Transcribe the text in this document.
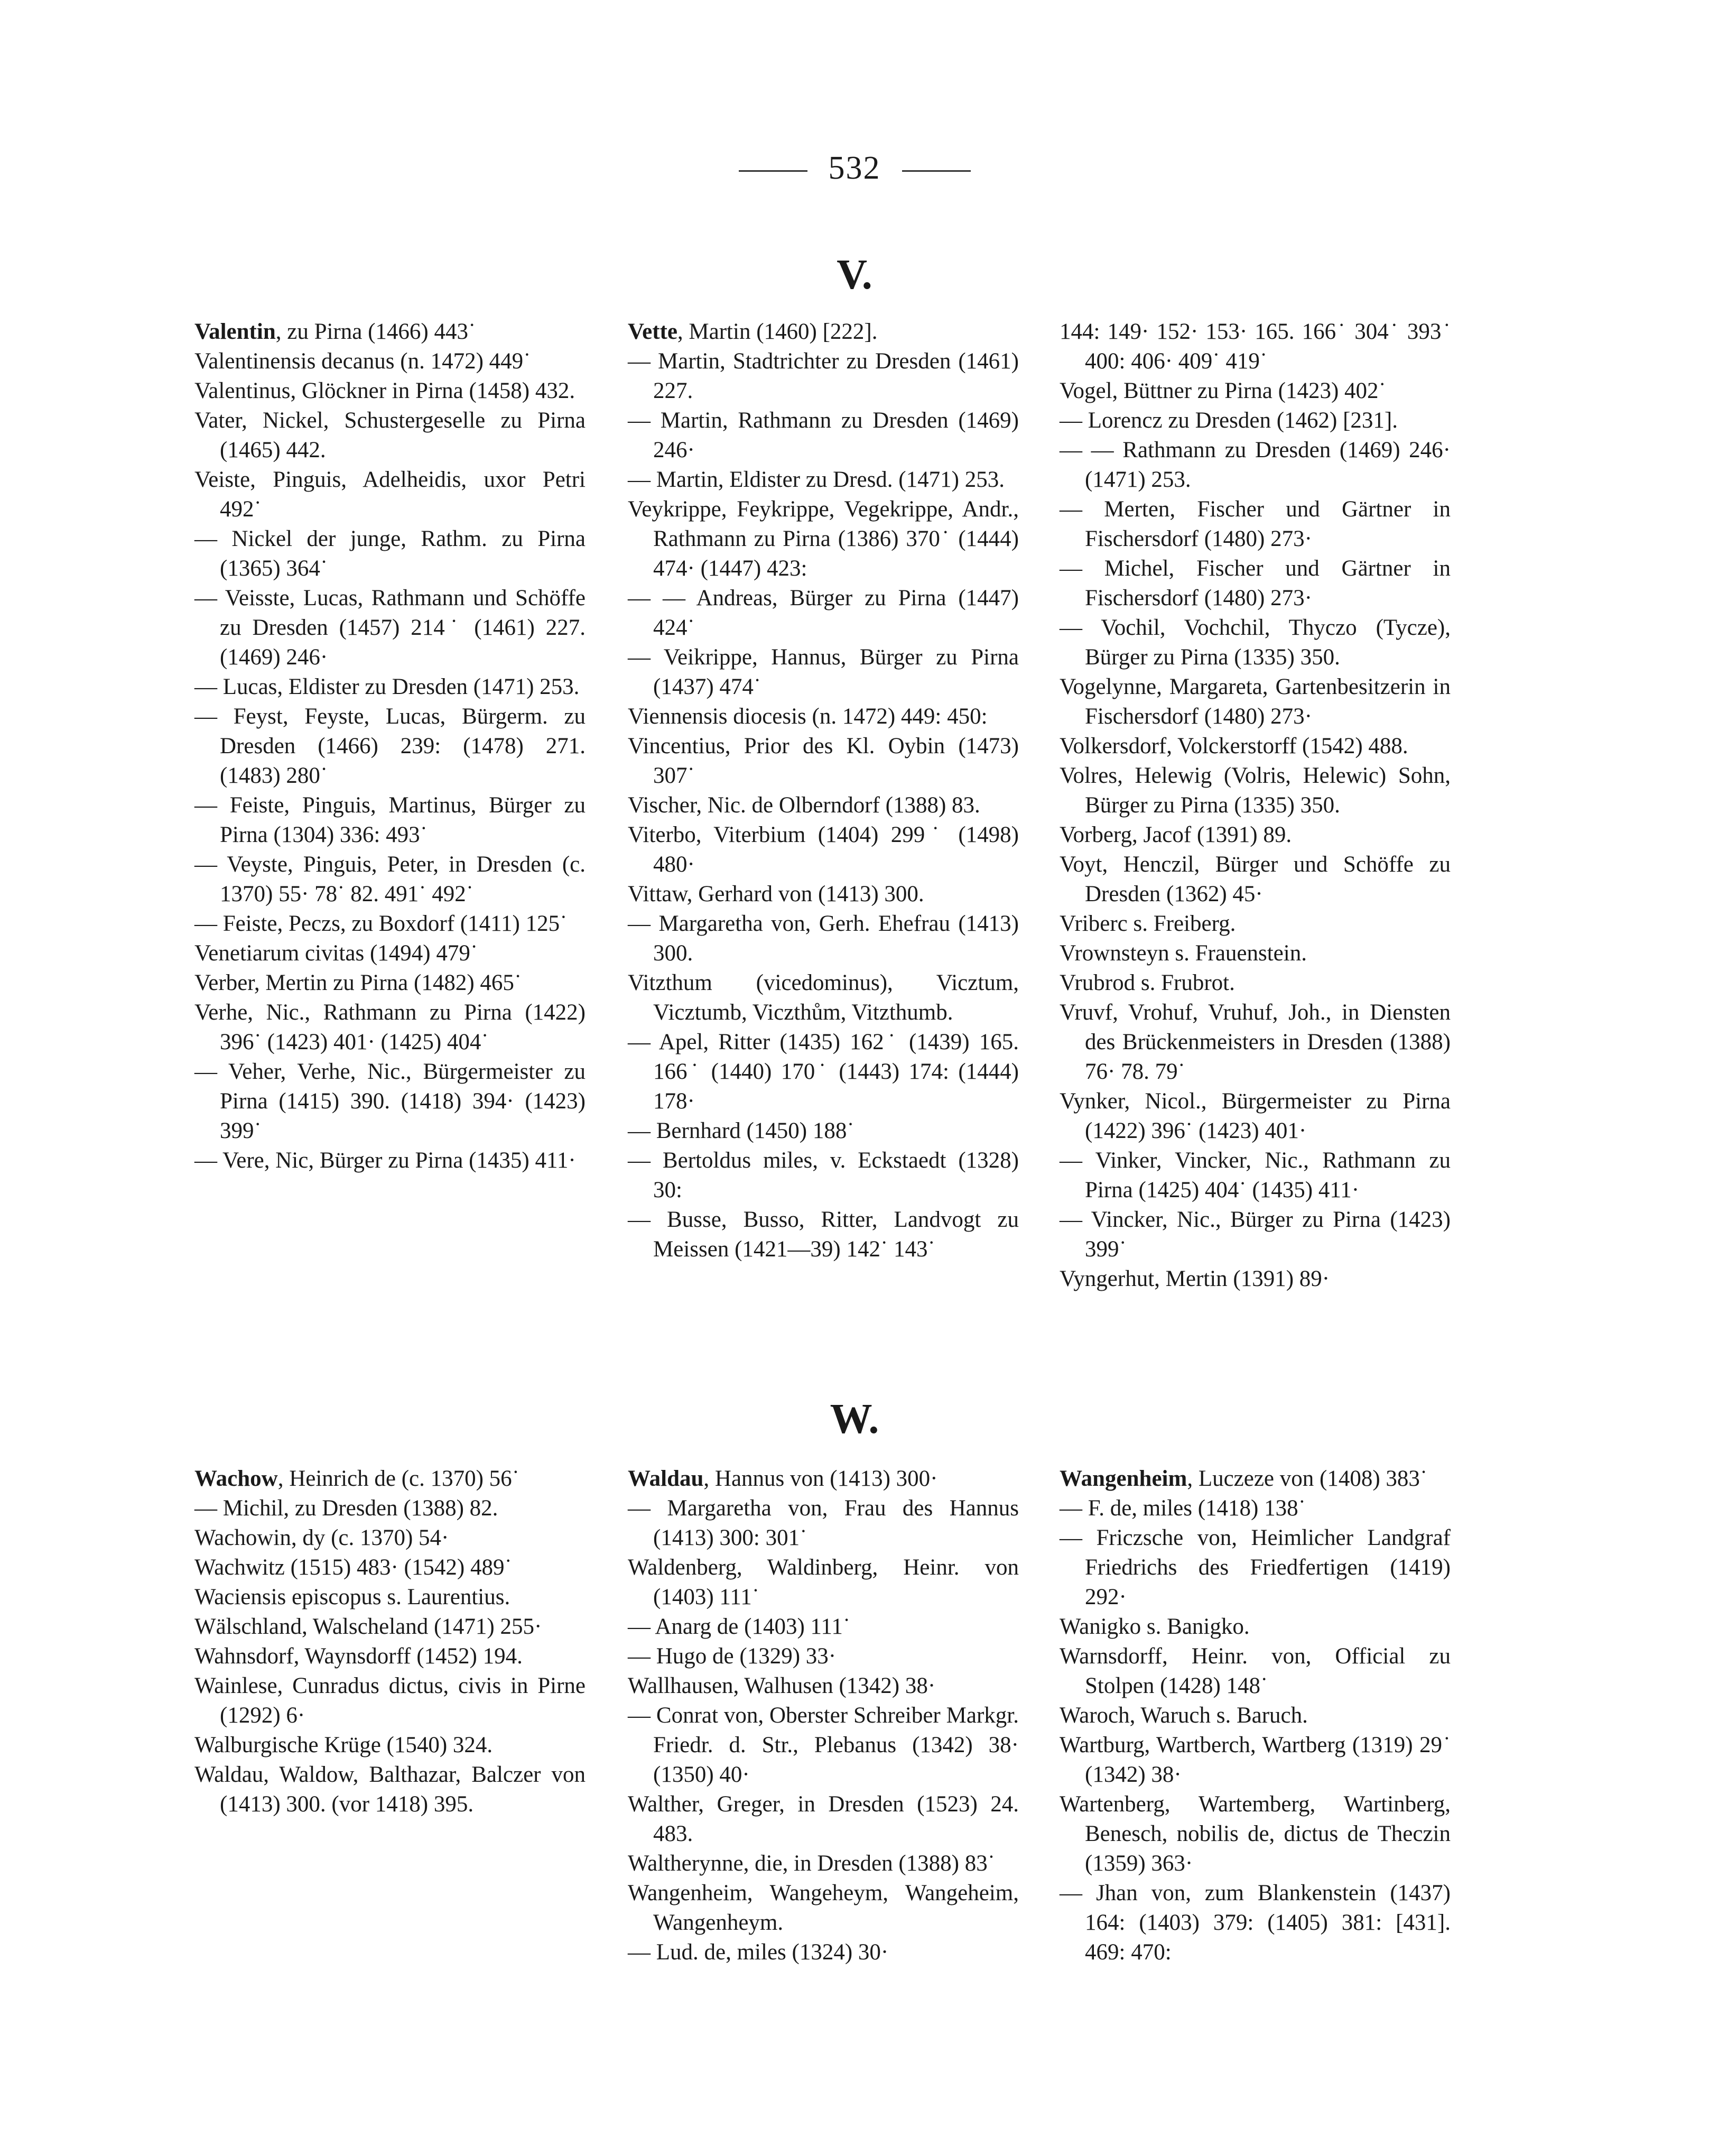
532
V.

Valentin, zu Pirna (1466) 443˙

Valentinensis decanus (n. 1472) 449˙

Valentinus, Glöckner in Pirna (1458) 432.

Vater, Nickel, Schustergeselle zu Pirna (1465) 442.

Veiste, Pinguis, Adelheidis, uxor Petri 492˙

— Nickel der junge, Rathm. zu Pirna (1365) 364˙

— Veisste, Lucas, Rathmann und Schöffe zu Dresden (1457) 214˙ (1461) 227. (1469) 246·

— Lucas, Eldister zu Dresden (1471) 253.

— Feyst, Feyste, Lucas, Bürgerm. zu Dresden (1466) 239: (1478) 271. (1483) 280˙

— Feiste, Pinguis, Martinus, Bürger zu Pirna (1304) 336: 493˙

— Veyste, Pinguis, Peter, in Dresden (c. 1370) 55· 78˙ 82. 491˙ 492˙

— Feiste, Peczs, zu Boxdorf (1411) 125˙

Venetiarum civitas (1494) 479˙

Verber, Mertin zu Pirna (1482) 465˙

Verhe, Nic., Rathmann zu Pirna (1422) 396˙ (1423) 401· (1425) 404˙

— Veher, Verhe, Nic., Bürgermeister zu Pirna (1415) 390. (1418) 394· (1423) 399˙

— Vere, Nic, Bürger zu Pirna (1435) 411·

Vette, Martin (1460) [222].

— Martin, Stadtrichter zu Dresden (1461) 227.

— Martin, Rathmann zu Dresden (1469) 246·

— Martin, Eldister zu Dresd. (1471) 253.

Veykrippe, Feykrippe, Vegekrippe, Andr., Rathmann zu Pirna (1386) 370˙ (1444) 474· (1447) 423:

— — Andreas, Bürger zu Pirna (1447) 424˙

— Veikrippe, Hannus, Bürger zu Pirna (1437) 474˙

Viennensis diocesis (n. 1472) 449: 450:

Vincentius, Prior des Kl. Oybin (1473) 307˙

Vischer, Nic. de Olberndorf (1388) 83.

Viterbo, Viterbium (1404) 299˙ (1498) 480·

Vittaw, Gerhard von (1413) 300.

— Margaretha von, Gerh. Ehefrau (1413) 300.

Vitzthum (vicedominus), Vicztum, Vicztumb, Viczthům, Vitzthumb.

— Apel, Ritter (1435) 162˙ (1439) 165. 166˙ (1440) 170˙ (1443) 174: (1444) 178·

— Bernhard (1450) 188˙

— Bertoldus miles, v. Eckstaedt (1328) 30:

— Busse, Busso, Ritter, Landvogt zu Meissen (1421—39) 142˙ 143˙

144: 149· 152· 153· 165. 166˙ 304˙ 393˙ 400: 406· 409˙ 419˙

Vogel, Büttner zu Pirna (1423) 402˙

— Lorencz zu Dresden (1462) [231].

— — Rathmann zu Dresden (1469) 246· (1471) 253.

— Merten, Fischer und Gärtner in Fischersdorf (1480) 273·

— Michel, Fischer und Gärtner in Fischersdorf (1480) 273·

— Vochil, Vochchil, Thyczo (Tycze), Bürger zu Pirna (1335) 350.

Vogelynne, Margareta, Gartenbesitzerin in Fischersdorf (1480) 273·

Volkersdorf, Volckerstorff (1542) 488.

Volres, Helewig (Volris, Helewic) Sohn, Bürger zu Pirna (1335) 350.

Vorberg, Jacof (1391) 89.

Voyt, Henczil, Bürger und Schöffe zu Dresden (1362) 45·

Vriberc s. Freiberg.

Vrownsteyn s. Frauenstein.

Vrubrod s. Frubrot.

Vruvf, Vrohuf, Vruhuf, Joh., in Diensten des Brückenmeisters in Dresden (1388) 76· 78. 79˙

Vynker, Nicol., Bürgermeister zu Pirna (1422) 396˙ (1423) 401·

— Vinker, Vincker, Nic., Rathmann zu Pirna (1425) 404˙ (1435) 411·

— Vincker, Nic., Bürger zu Pirna (1423) 399˙

Vyngerhut, Mertin (1391) 89·

W.

Wachow, Heinrich de (c. 1370) 56˙

— Michil, zu Dresden (1388) 82.

Wachowin, dy (c. 1370) 54·

Wachwitz (1515) 483· (1542) 489˙

Waciensis episcopus s. Laurentius.

Wälschland, Walscheland (1471) 255·

Wahnsdorf, Waynsdorff (1452) 194.

Wainlese, Cunradus dictus, civis in Pirne (1292) 6·

Walburgische Krüge (1540) 324.

Waldau, Waldow, Balthazar, Balczer von (1413) 300. (vor 1418) 395.

Waldau, Hannus von (1413) 300·

— Margaretha von, Frau des Hannus (1413) 300: 301˙

Waldenberg, Waldinberg, Heinr. von (1403) 111˙

— Anarg de (1403) 111˙

— Hugo de (1329) 33·

Wallhausen, Walhusen (1342) 38·

— Conrat von, Oberster Schreiber Markgr. Friedr. d. Str., Plebanus (1342) 38· (1350) 40·

Walther, Greger, in Dresden (1523) 24. 483.

Waltherynne, die, in Dresden (1388) 83˙

Wangenheim, Wangeheym, Wangeheim, Wangenheym.

— Lud. de, miles (1324) 30·

Wangenheim, Luczeze von (1408) 383˙

— F. de, miles (1418) 138˙

— Friczsche von, Heimlicher Landgraf Friedrichs des Friedfertigen (1419) 292·

Wanigko s. Banigko.

Warnsdorff, Heinr. von, Official zu Stolpen (1428) 148˙

Waroch, Waruch s. Baruch.

Wartburg, Wartberch, Wartberg (1319) 29˙ (1342) 38·

Wartenberg, Wartemberg, Wartinberg, Benesch, nobilis de, dictus de Theczin (1359) 363·

— Jhan von, zum Blankenstein (1437) 164: (1403) 379: (1405) 381: [431]. 469: 470:
